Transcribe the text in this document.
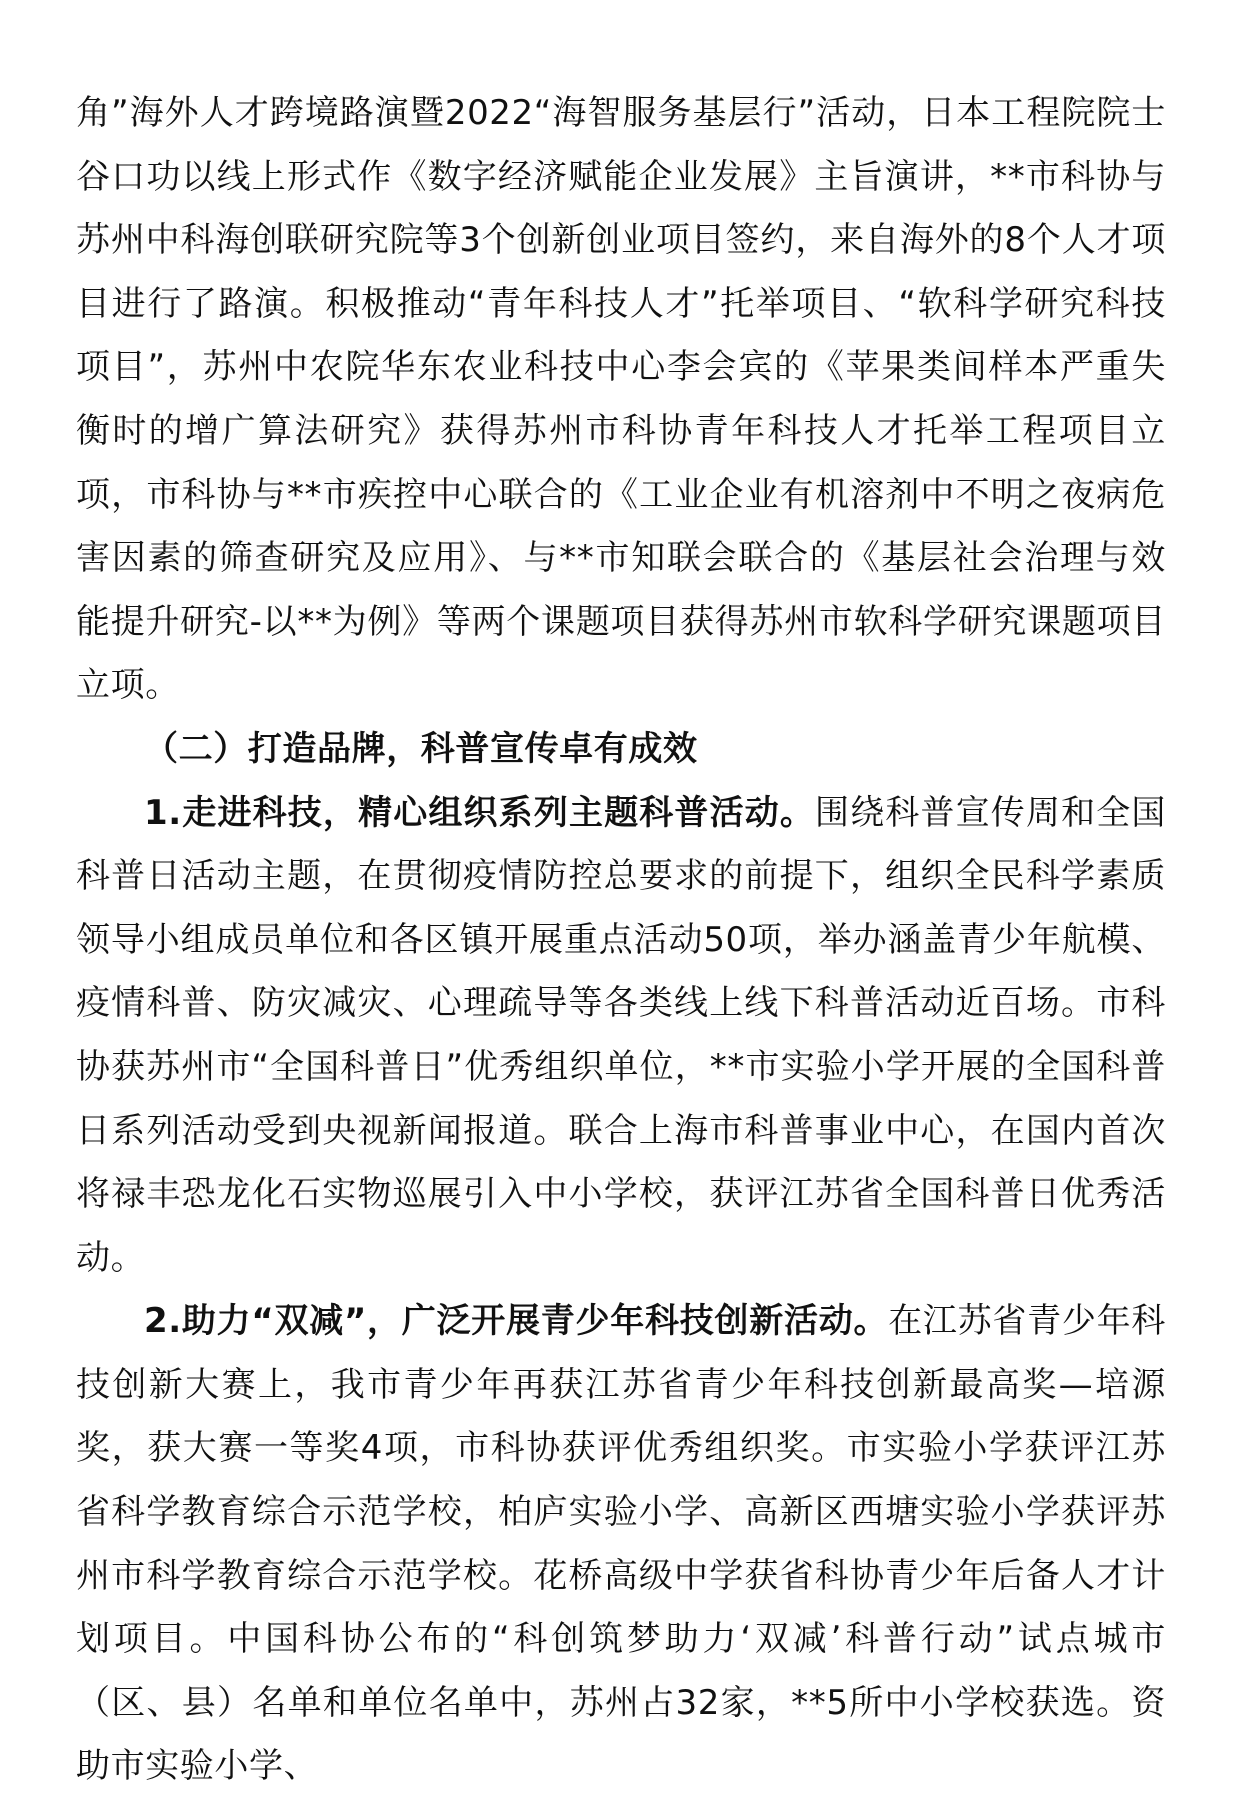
角”海外人才跨境路演暨2022“海智服务基层行”活动，日本工程院院士谷口功以线上形式作《数字经济赋能企业发展》主旨演讲，**市科协与苏州中科海创联研究院等3个创新创业项目签约，来自海外的8个人才项目进行了路演。积极推动“青年科技人才”托举项目、“软科学研究科技项目”，苏州中农院华东农业科技中心李会宾的《苹果类间样本严重失衡时的增广算法研究》获得苏州市科协青年科技人才托举工程项目立项，市科协与**市疾控中心联合的《工业企业有机溶剂中不明之夜病危害因素的筛查研究及应用》、与**市知联会联合的《基层社会治理与效能提升研究-以**为例》等两个课题项目获得苏州市软科学研究课题项目立项。

（二）打造品牌，科普宣传卓有成效

1.走进科技，精心组织系列主题科普活动。围绕科普宣传周和全国科普日活动主题，在贯彻疫情防控总要求的前提下，组织全民科学素质领导小组成员单位和各区镇开展重点活动50项，举办涵盖青少年航模、疫情科普、防灾减灾、心理疏导等各类线上线下科普活动近百场。市科协获苏州市“全国科普日”优秀组织单位，**市实验小学开展的全国科普日系列活动受到央视新闻报道。联合上海市科普事业中心，在国内首次将禄丰恐龙化石实物巡展引入中小学校，获评江苏省全国科普日优秀活动。

2.助力“双减”，广泛开展青少年科技创新活动。在江苏省青少年科技创新大赛上，我市青少年再获江苏省青少年科技创新最高奖—培源奖，获大赛一等奖4项，市科协获评优秀组织奖。市实验小学获评江苏省科学教育综合示范学校，柏庐实验小学、高新区西塘实验小学获评苏州市科学教育综合示范学校。花桥高级中学获省科协青少年后备人才计划项目。中国科协公布的“科创筑梦助力‘双减’科普行动”试点城市（区、县）名单和单位名单中，苏州占32家，**5所中小学校获选。资助市实验小学、
